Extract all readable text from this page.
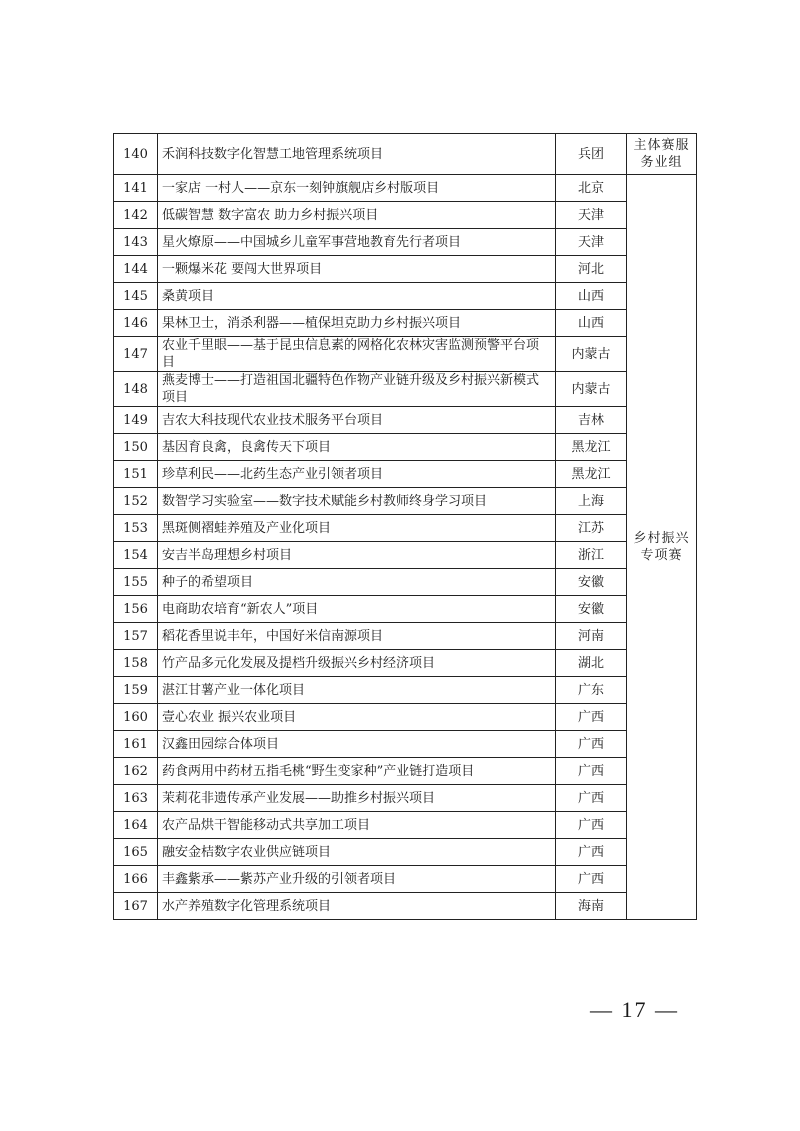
140	禾润科技数字化智慧工地管理系统项目	兵团	主体赛服务业组
141	一家店 一村人——京东一刻钟旗舰店乡村版项目	北京	乡村振兴专项赛
142	低碳智慧 数字富农 助力乡村振兴项目	天津	
143	星火燎原——中国城乡儿童军事营地教育先行者项目	天津	
144	一颗爆米花 要闯大世界项目	河北	
145	桑黄项目	山西	
146	果林卫士，消杀利器——植保坦克助力乡村振兴项目	山西	
147	农业千里眼——基于昆虫信息素的网格化农林灾害监测预警平台项目	内蒙古	
148	燕麦博士——打造祖国北疆特色作物产业链升级及乡村振兴新模式项目	内蒙古	
149	吉农大科技现代农业技术服务平台项目	吉林	
150	基因育良禽，良禽传天下项目	黑龙江	
151	珍草利民——北药生态产业引领者项目	黑龙江	
152	数智学习实验室——数字技术赋能乡村教师终身学习项目	上海	
153	黑斑侧褶蛙养殖及产业化项目	江苏	
154	安吉半岛理想乡村项目	浙江	
155	种子的希望项目	安徽	
156	电商助农培育“新农人”项目	安徽	
157	稻花香里说丰年，中国好米信南源项目	河南	
158	竹产品多元化发展及提档升级振兴乡村经济项目	湖北	
159	湛江甘薯产业一体化项目	广东	
160	壹心农业 振兴农业项目	广西	
161	汉鑫田园综合体项目	广西	
162	药食两用中药材五指毛桃“野生变家种”产业链打造项目	广西	
163	茉莉花非遗传承产业发展——助推乡村振兴项目	广西	
164	农产品烘干智能移动式共享加工项目	广西	
165	融安金桔数字农业供应链项目	广西	
166	丰鑫紫承——紫苏产业升级的引领者项目	广西	
167	水产养殖数字化管理系统项目	海南	
— 17 —
